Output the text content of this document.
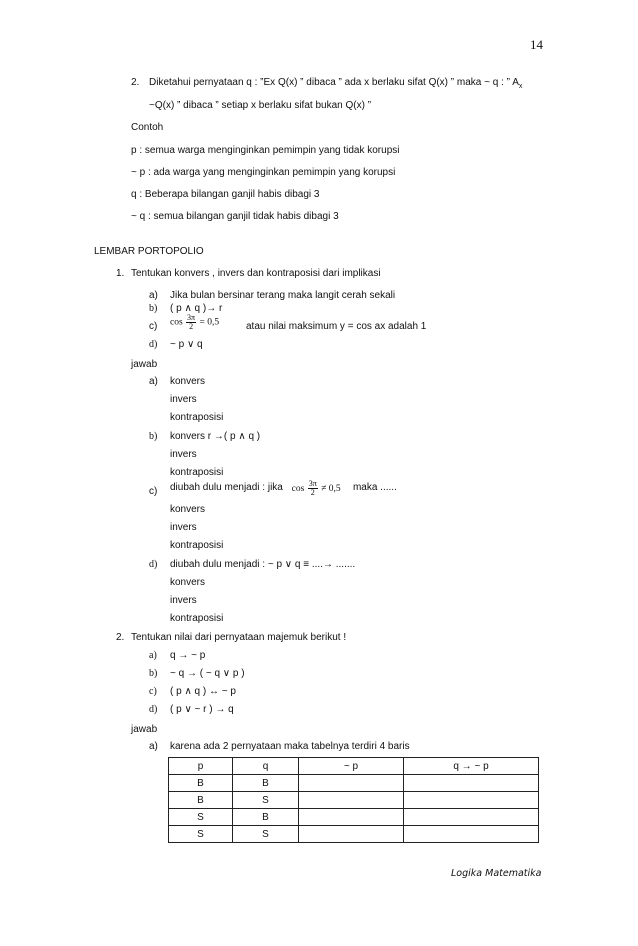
14
2. Diketahui pernyataan q : ”Ex Q(x) ” dibaca ” ada x berlaku sifat Q(x) ” maka ~ q : ” $A_x$
~Q(x) ” dibaca ” setiap x berlaku sifat bukan Q(x) ”
Contoh
p : semua warga menginginkan pemimpin yang tidak korupsi
~ p : ada warga yang menginginkan pemimpin yang korupsi
q : Beberapa bilangan ganjil habis dibagi 3
~ q : semua bilangan ganjil tidak habis dibagi 3
LEMBAR PORTOPOLIO
1. Tentukan konvers , invers dan kontraposisi dari implikasi
a) Jika bulan bersinar terang maka langit cerah sekali
b) ( p ∧ q )→ r
c) $\cos \frac{3\pi}{2} = 0,5$	atau nilai maksimum y = cos ax adalah 1
d) ~ p ∨ q
jawab
a) konvers
invers
kontraposisi
b) konvers r →( p ∧ q )
invers
kontraposisi
c) diubah dulu menjadi : jika $\cos \frac{3\pi}{2} \ne 0,5$ maka ......
konvers
invers
kontraposisi
d) diubah dulu menjadi : ~ p ∨ q ≡ ....→ .......
konvers
invers
kontraposisi
2. Tentukan nilai dari pernyataan majemuk berikut !
a) q → ~ p
b) ~ q → ( ~ q ∨ p )
c) ( p ∧ q ) ↔ ~ p
d) ( p ∨ ~ r ) → q
jawab
a) karena ada 2 pernyataan maka tabelnya terdiri 4 baris
p	q	~ p	q → ~ p
B	B		
B	S		
S	B		
S	S		
Logika Matematika
